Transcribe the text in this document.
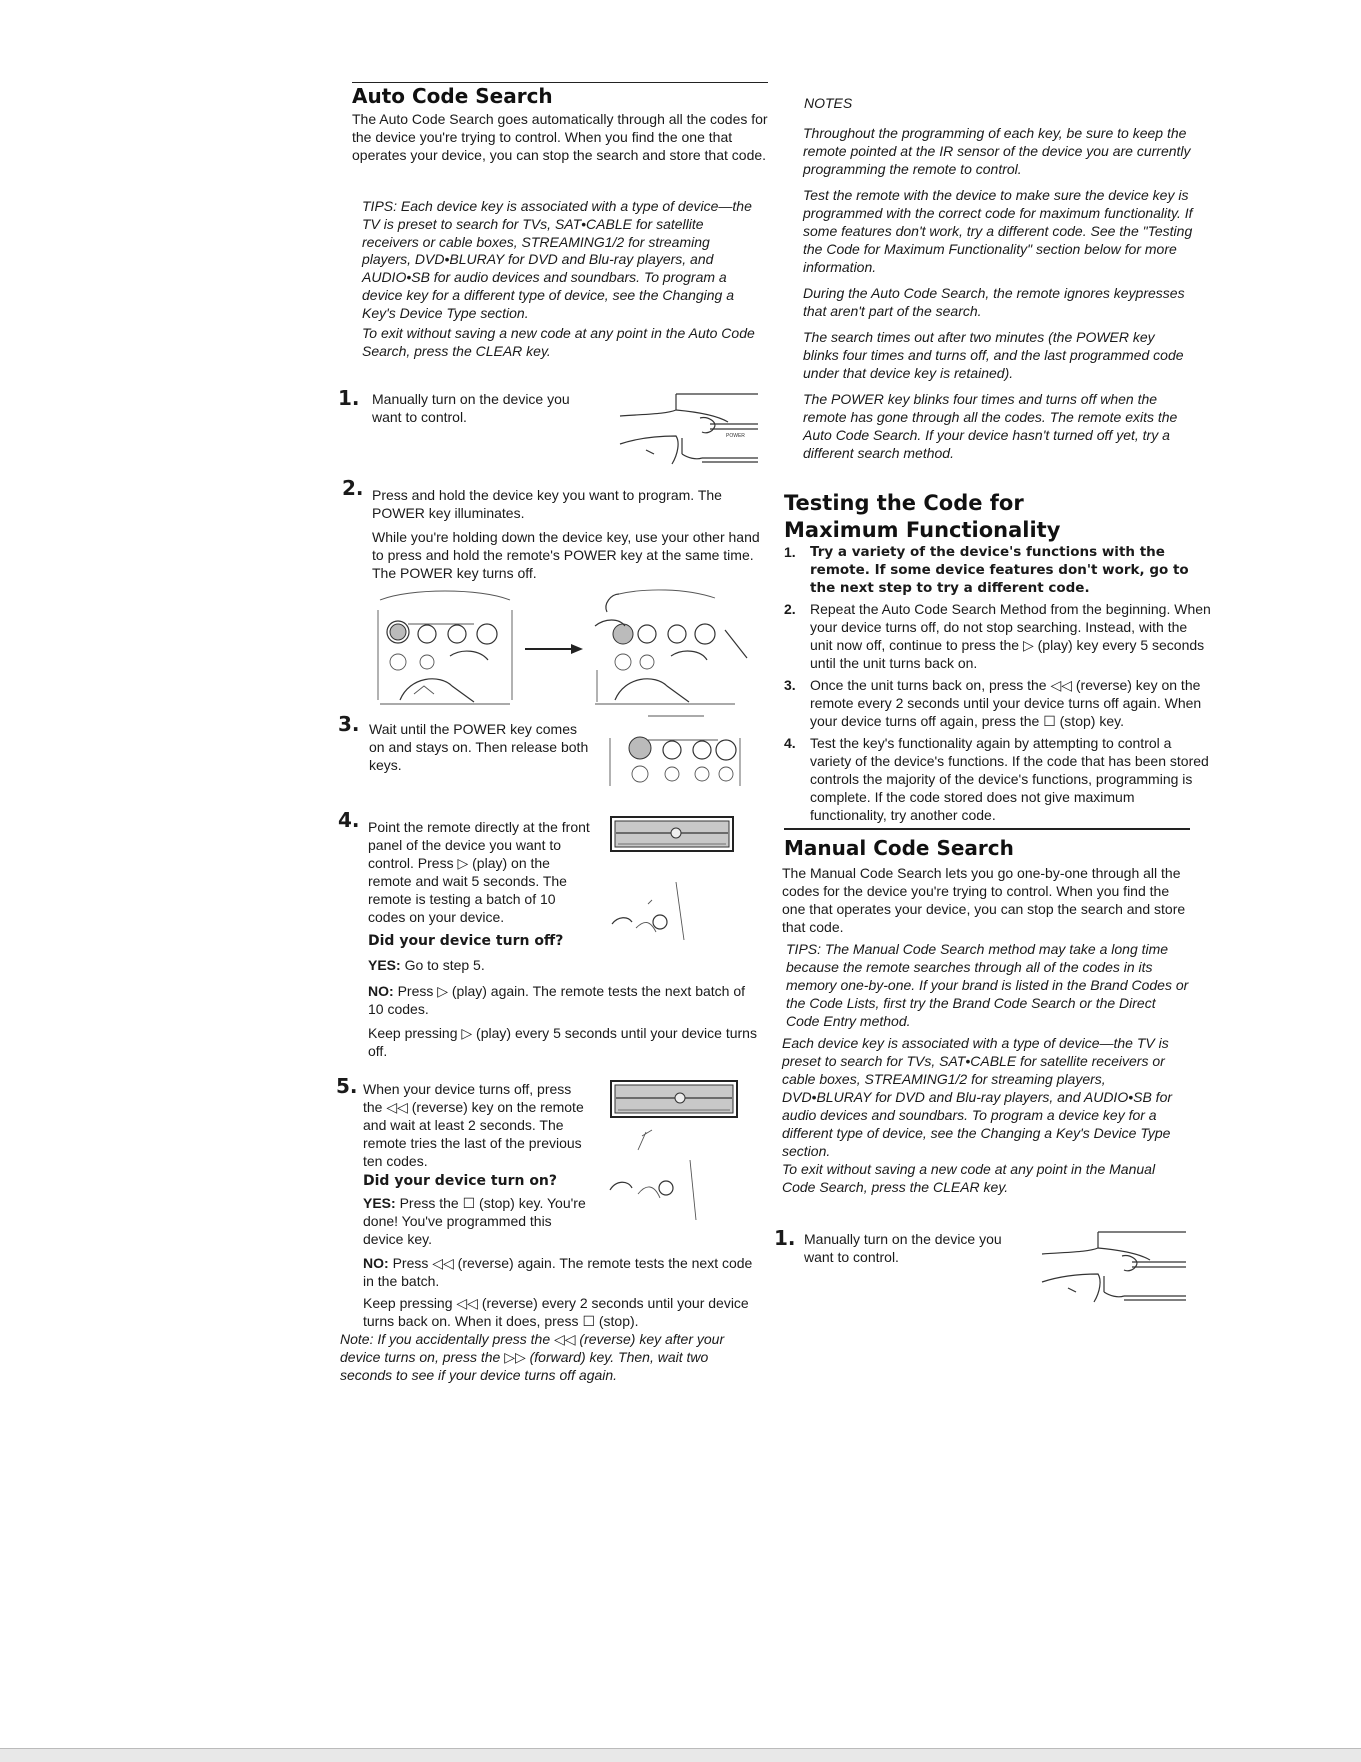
Auto Code Search

The Auto Code Search goes automatically through all the codes for the device you're trying to control. When you find the one that operates your device, you can stop the search and store that code.

TIPS: Each device key is associated with a type of device—the TV is preset to search for TVs, SAT•CABLE for satellite receivers or cable boxes, STREAMING1/2 for streaming players, DVD•BLURAY for DVD and Blu-ray players, and AUDIO•SB for audio devices and soundbars. To program a device key for a different type of device, see the Changing a Key's Device Type section.

To exit without saving a new code at any point in the Auto Code Search, press the CLEAR key.

1. Manually turn on the device you want to control.

POWER
2. Press and hold the device key you want to program. The POWER key illuminates.

While you're holding down the device key, use your other hand to press and hold the remote's POWER key at the same time. The POWER key turns off.

3. Wait until the POWER key comes on and stays on. Then release both keys.

4. Point the remote directly at the front panel of the device you want to control. Press ▷ (play) on the remote and wait 5 seconds. The remote is testing a batch of 10 codes on your device.

Did your device turn off?

YES: Go to step 5.

NO: Press ▷ (play) again. The remote tests the next batch of 10 codes.

Keep pressing ▷ (play) every 5 seconds until your device turns off.

5. When your device turns off, press the ◁◁ (reverse) key on the remote and wait at least 2 seconds. The remote tries the last of the previous ten codes.

Did your device turn on?

YES: Press the ☐ (stop) key. You're done! You've programmed this device key.

NO: Press ◁◁ (reverse) again. The remote tests the next code in the batch.

Keep pressing ◁◁ (reverse) every 2 seconds until your device turns back on. When it does, press ☐ (stop).

Note: If you accidentally press the ◁◁ (reverse) key after your device turns on, press the ▷▷ (forward) key. Then, wait two seconds to see if your device turns off again.

NOTES

Throughout the programming of each key, be sure to keep the remote pointed at the IR sensor of the device you are currently programming the remote to control.

Test the remote with the device to make sure the device key is programmed with the correct code for maximum functionality. If some features don't work, try a different code. See the "Testing the Code for Maximum Functionality" section below for more information.

During the Auto Code Search, the remote ignores keypresses that aren't part of the search.

The search times out after two minutes (the POWER key blinks four times and turns off, and the last programmed code under that device key is retained).

The POWER key blinks four times and turns off when the remote has gone through all the codes. The remote exits the Auto Code Search. If your device hasn't turned off yet, try a different search method.

Testing the Code for Maximum Functionality
1. Try a variety of the device's functions with the remote. If some device features don't work, go to the next step to try a different code.

2. Repeat the Auto Code Search Method from the beginning. When your device turns off, do not stop searching. Instead, with the unit now off, continue to press the ▷ (play) key every 5 seconds until the unit turns back on.

3. Once the unit turns back on, press the ◁◁ (reverse) key on the remote every 2 seconds until your device turns off again. When your device turns off again, press the ☐ (stop) key.

4. Test the key's functionality again by attempting to control a variety of the device's functions. If the code that has been stored controls the majority of the device's functions, programming is complete. If the code stored does not give maximum functionality, try another code.

Manual Code Search

The Manual Code Search lets you go one-by-one through all the codes for the device you're trying to control. When you find the one that operates your device, you can stop the search and store that code.

TIPS: The Manual Code Search method may take a long time because the remote searches through all of the codes in its memory one-by-one. If your brand is listed in the Brand Codes or the Code Lists, first try the Brand Code Search or the Direct Code Entry method.

Each device key is associated with a type of device—the TV is preset to search for TVs, SAT•CABLE for satellite receivers or cable boxes, STREAMING1/2 for streaming players, DVD•BLURAY for DVD and Blu-ray players, and AUDIO•SB for audio devices and soundbars. To program a device key for a different type of device, see the Changing a Key's Device Type section.

To exit without saving a new code at any point in the Manual Code Search, press the CLEAR key.

1. Manually turn on the device you want to control.
